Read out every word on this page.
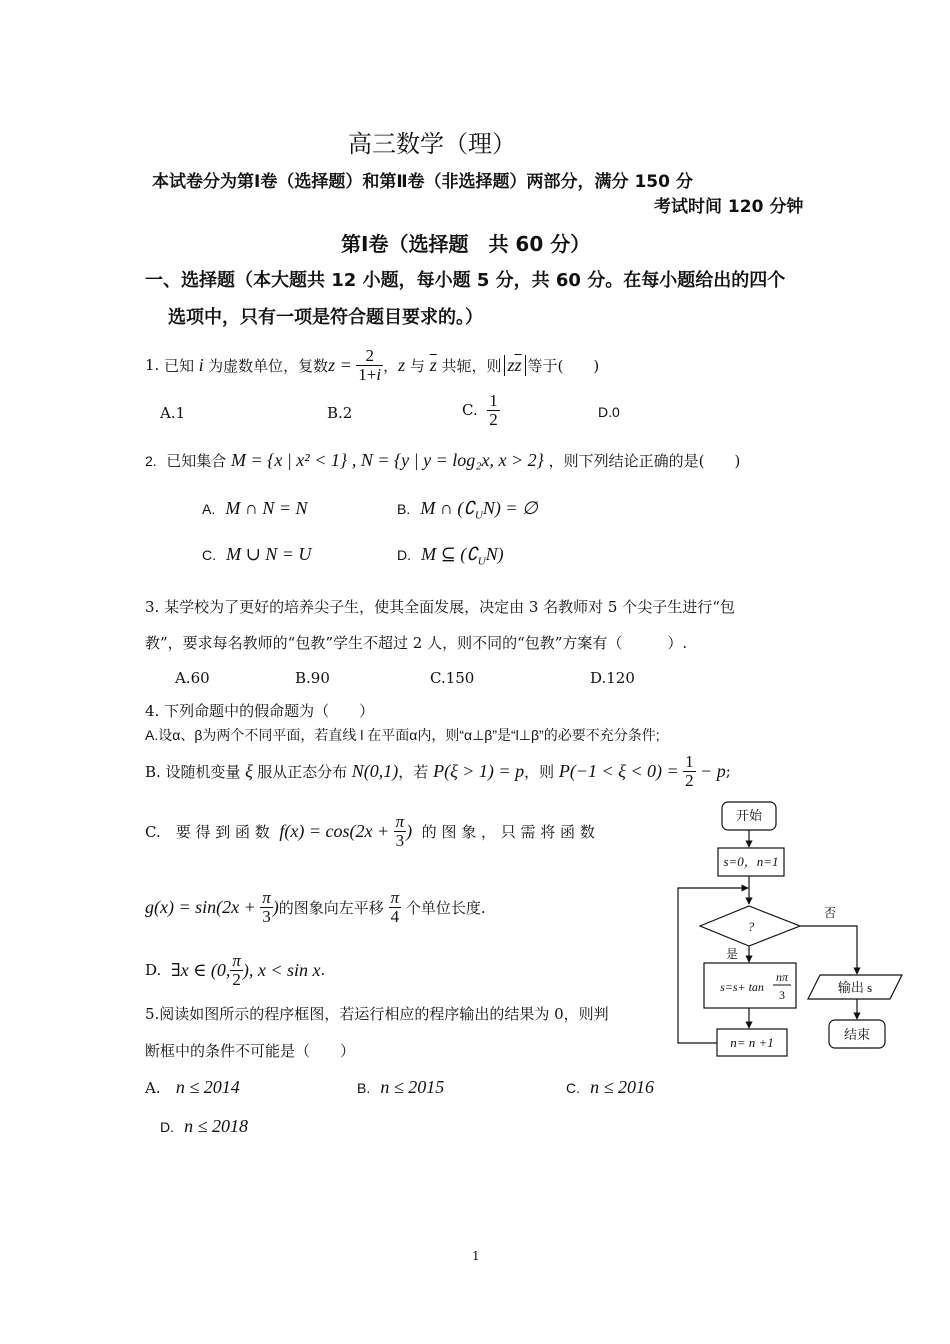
高三数学（理）
本试卷分为第Ⅰ卷（选择题）和第Ⅱ卷（非选择题）两部分，满分 150 分
考试时间 120 分钟
第Ⅰ卷（选择题　共 60 分）
一、选择题（本大题共 12 小题，每小题 5 分，共 60 分。在每小题给出的四个
选项中，只有一项是符合题目要求的。）
1.
已知 i 为虚数单位，复数 $z = \frac{2}{1+i}$ ， z 与 $\overline{z}$
共轭，则 $z\overline{z}$ 等于(　　)
A.1	B.2	C.
$\frac{1}{2}$	D.0
2. 已知集合 M = {x | x² < 1} , N = {y | y = log₂x, x > 2} ，则下列结论正确的是(　　)
A. M ∩ N = N	B. M ∩ $(∁_UN)$ = ∅
C. M ∪ N = U	D. M ⊆ $(∁_UN)$
3. 某学校为了更好的培养尖子生，使其全面发展，决定由 3 名教师对 5 个尖子生进行“包
教”，要求每名教师的“包教”学生不超过 2 人，则不同的“包教”方案有（　　　）.
A.60	B.90	C.150	D.120
4. 下列命题中的假命题为（　　）
A.设α、β为两个不同平面，若直线 l 在平面α内，则“α⊥β”是“l⊥β”的必要不充分条件;
B. 设随机变量 ξ 服从正态分布 N(0,1) ，若 P(ξ > 1) = p ，则 $P(-1 < \xi < 0) = \frac{1}{2} - p$ ;
C.　要 得 到 函 数
$f(x) = \cos(2x + \frac{\pi}{3}$ )
的 图 象 ， 只 需 将 函 数
$g(x) = \sin(2x + \frac{\pi}{3}$ ) 的图象向左平移
$\frac{\pi}{4}$
个单位长度.
D.
∃x ∈ (0, $\frac{\pi}{2}$ ), x < sin x .
5.阅读如图所示的程序框图，若运行相应的程序输出的结果为 0，则判
断框中的条件不可能是（　　）
A. n ≤ 2014	B. n ≤ 2015	C. n ≤ 2016
D. n ≤ 2018
开始
s=0，n=1
?
是
否
s=s+ tan
nπ
3
n= n +1
输出 s
结束
1
